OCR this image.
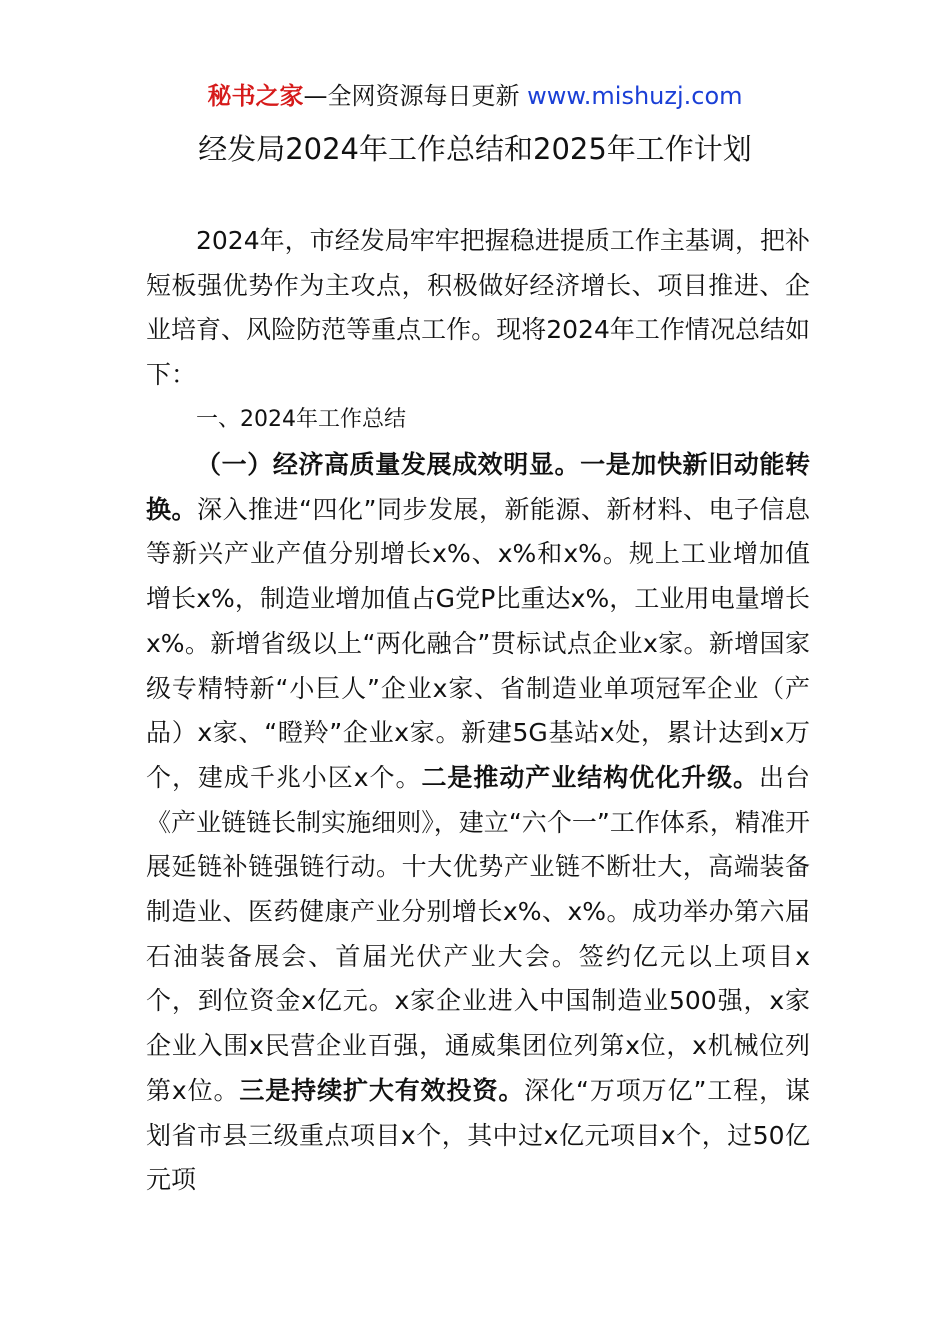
秘书之家—全网资源每日更新 www.mishuzj.com
经发局2024年工作总结和2025年工作计划

2024年，市经发局牢牢把握稳进提质工作主基调，把补短板强优势作为主攻点，积极做好经济增长、项目推进、企业培育、风险防范等重点工作。现将2024年工作情况总结如下：

一、2024年工作总结

（一）经济高质量发展成效明显。一是加快新旧动能转换。深入推进“四化”同步发展，新能源、新材料、电子信息等新兴产业产值分别增长x%、x%和x%。规上工业增加值增长x%，制造业增加值占G党P比重达x%，工业用电量增长x%。新增省级以上“两化融合”贯标试点企业x家。新增国家级专精特新“小巨人”企业x家、省制造业单项冠军企业（产品）x家、“瞪羚”企业x家。新建5G基站x处，累计达到x万个，建成千兆小区x个。二是推动产业结构优化升级。出台《产业链链长制实施细则》，建立“六个一”工作体系，精准开展延链补链强链行动。十大优势产业链不断壮大，高端装备制造业、医药健康产业分别增长x%、x%。成功举办第六届石油装备展会、首届光伏产业大会。签约亿元以上项目x个，到位资金x亿元。x家企业进入中国制造业500强，x家企业入围x民营企业百强，通威集团位列第x位，x机械位列第x位。三是持续扩大有效投资。深化“万项万亿”工程，谋划省市县三级重点项目x个，其中过x亿元项目x个，过50亿元项
